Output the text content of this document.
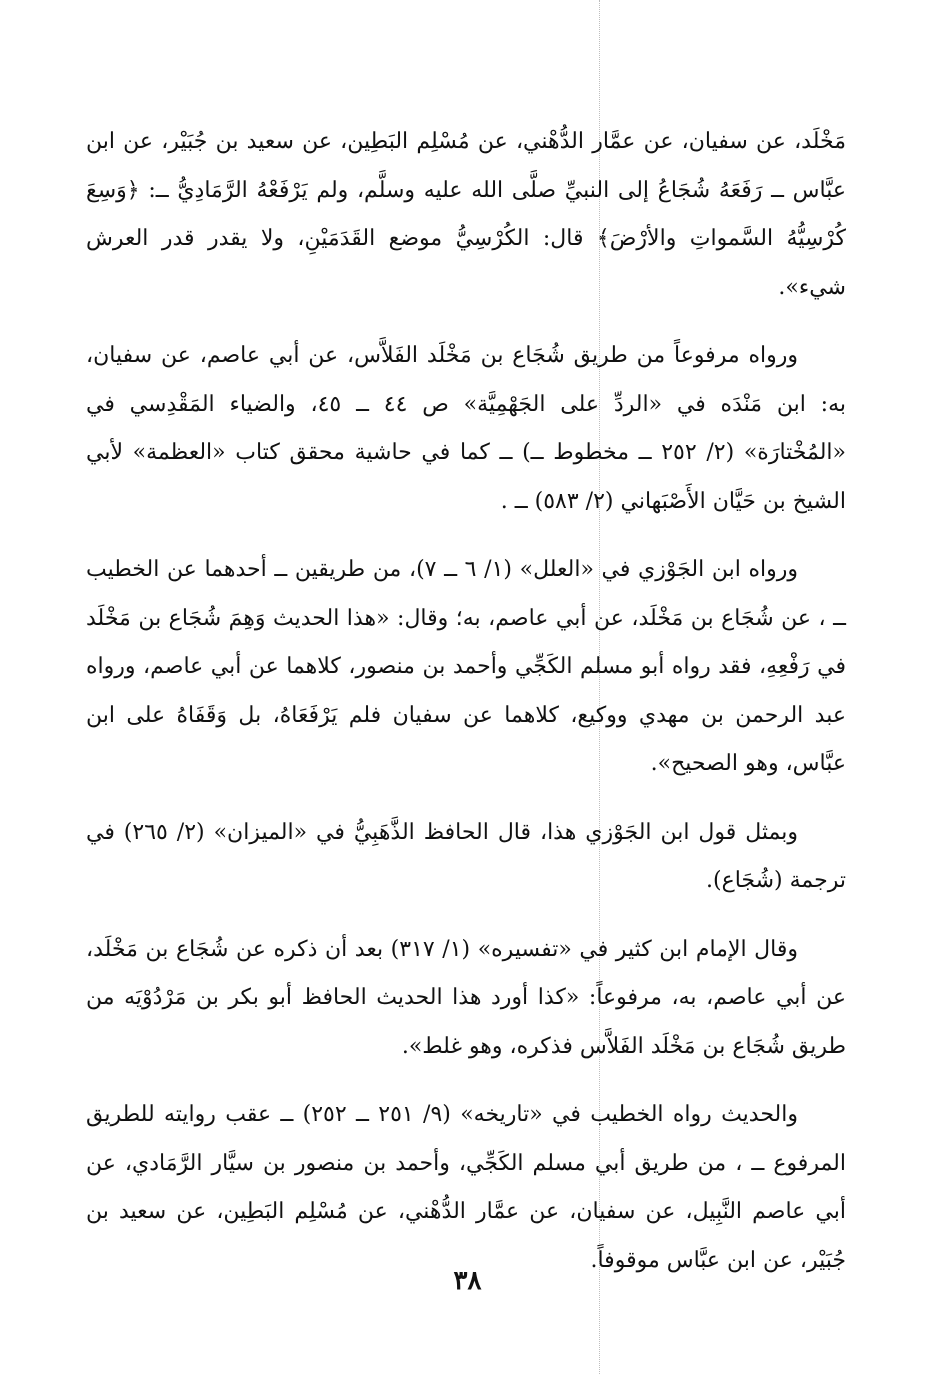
مَخْلَد، عن سفيان، عن عمَّار الدُّهْني، عن مُسْلِم البَطِين، عن سعيد بن جُبَيْر، عن ابن عبَّاس ــ رَفَعَهُ شُجَاعُ إلى النبيِّ صلَّى الله عليه وسلَّم، ولم يَرْفَعْهُ الرَّمَادِيُّ ــ: ﴿وَسِعَ كُرْسِيُّهُ السَّمواتِ والأرْضَ﴾ قال: الكُرْسِيُّ موضع القَدَمَيْنِ، ولا يقدر قدر العرش شيء».

ورواه مرفوعاً من طريق شُجَاع بن مَخْلَد الفَلاَّس، عن أبي عاصم، عن سفيان، به: ابن مَنْدَه في «الردِّ على الجَهْمِيَّة» ص ٤٤ ــ ٤٥، والضياء المَقْدِسي في «المُخْتارَة» (٢/ ٢٥٢ ــ مخطوط ــ) ــ كما في حاشية محقق كتاب «العظمة» لأبي الشيخ بن حَيَّان الأَصْبَهاني (٢/ ٥٨٣) ــ .

ورواه ابن الجَوْزي في «العلل» (١/ ٦ ــ ٧)، من طريقين ــ أحدهما عن الخطيب ــ ، عن شُجَاع بن مَخْلَد، عن أبي عاصم، به؛ وقال: «هذا الحديث وَهِمَ شُجَاع بن مَخْلَد في رَفْعِهِ، فقد رواه أبو مسلم الكَجِّي وأحمد بن منصور، كلاهما عن أبي عاصم، ورواه عبد الرحمن بن مهدي ووكيع، كلاهما عن سفيان فلم يَرْفَعَاهُ، بل وَقَفَاهُ على ابن عبَّاس، وهو الصحيح».

وبمثل قول ابن الجَوْزي هذا، قال الحافظ الذَّهَبِيُّ في «الميزان» (٢/ ٢٦٥) في ترجمة (شُجَاع).

وقال الإمام ابن كثير في «تفسيره» (١/ ٣١٧) بعد أن ذكره عن شُجَاع بن مَخْلَد، عن أبي عاصم، به، مرفوعاً: «كذا أورد هذا الحديث الحافظ أبو بكر بن مَرْدُوْيَه من طريق شُجَاع بن مَخْلَد الفَلاَّس فذكره، وهو غلط».

والحديث رواه الخطيب في «تاريخه» (٩/ ٢٥١ ــ ٢٥٢) ــ عقب روايته للطريق المرفوع ــ ، من طريق أبي مسلم الكَجِّي، وأحمد بن منصور بن سيَّار الرَّمَادي، عن أبي عاصم النَّبِيل، عن سفيان، عن عمَّار الدُّهْني، عن مُسْلِم البَطِين، عن سعيد بن جُبَيْر، عن ابن عبَّاس موقوفاً.

٣٨
